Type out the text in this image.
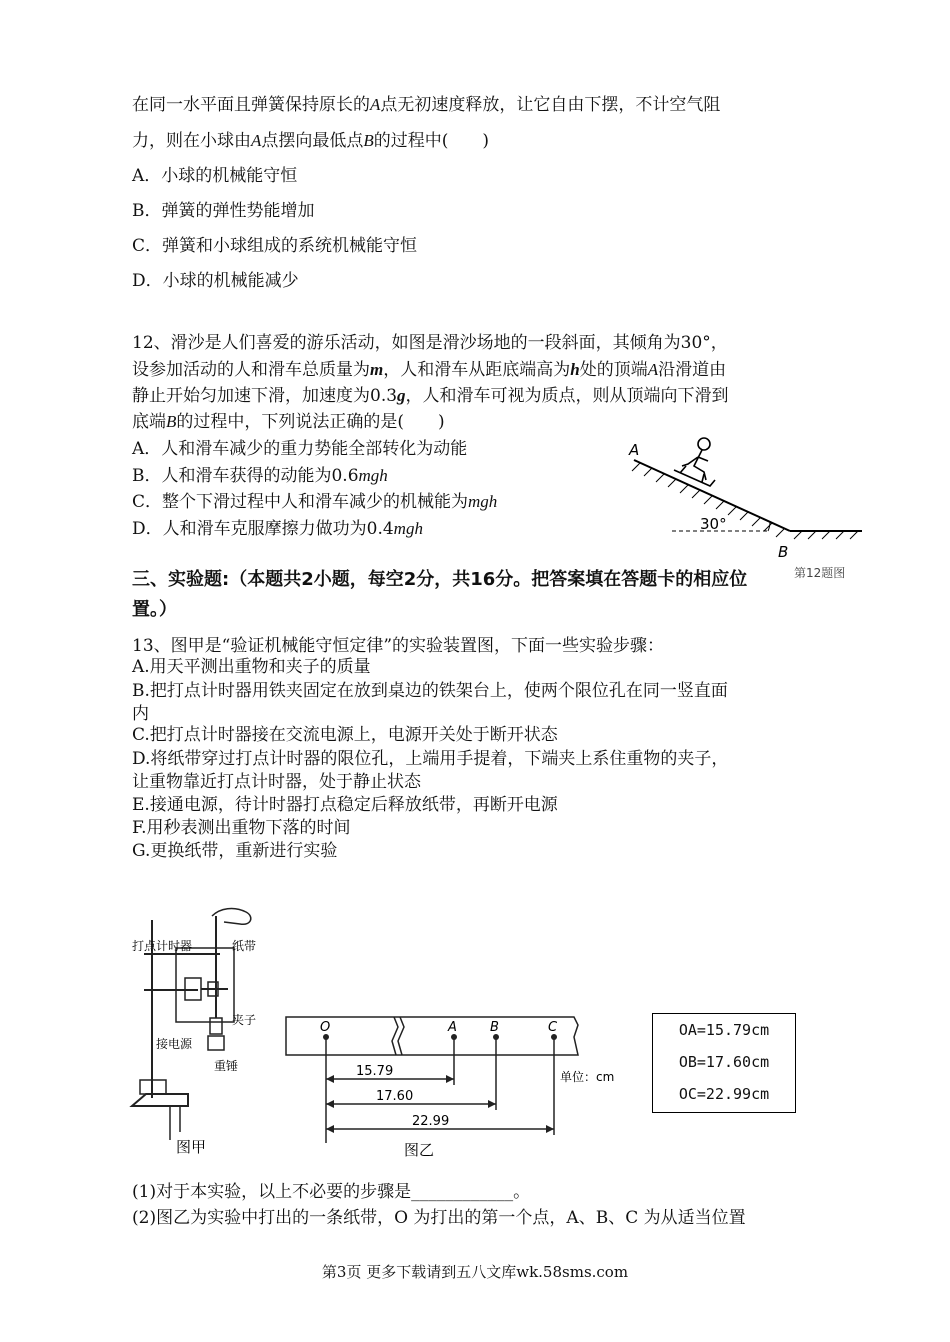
在同一水平面且弹簧保持原长的A点无初速度释放，让它自由下摆，不计空气阻
力，则在小球由A点摆向最低点B的过程中(　　)
A．小球的机械能守恒
B．弹簧的弹性势能增加
C．弹簧和小球组成的系统机械能守恒
D．小球的机械能减少
12、滑沙是人们喜爱的游乐活动，如图是滑沙场地的一段斜面，其倾角为30°，
设参加活动的人和滑车总质量为m，人和滑车从距底端高为h处的顶端A沿滑道由
静止开始匀加速下滑，加速度为0.3g，人和滑车可视为质点，则从顶端向下滑到
底端B的过程中，下列说法正确的是(　　)
A．人和滑车减少的重力势能全部转化为动能
B．人和滑车获得的动能为0.6mgh
C．整个下滑过程中人和滑车减少的机械能为mgh
D．人和滑车克服摩擦力做功为0.4mgh
A
B
30°
第12题图
三、实验题:（本题共2小题，每空2分，共16分。把答案填在答题卡的相应位
置。）
13、图甲是“验证机械能守恒定律”的实验装置图，下面一些实验步骤：
A.用天平测出重物和夹子的质量
B.把打点计时器用铁夹固定在放到桌边的铁架台上，使两个限位孔在同一竖直面
内
C.把打点计时器接在交流电源上，电源开关处于断开状态
D.将纸带穿过打点计时器的限位孔，上端用手提着，下端夹上系住重物的夹子，
让重物靠近打点计时器，处于静止状态
E.接通电源，待计时器打点稳定后释放纸带，再断开电源
F.用秒表测出重物下落的时间
G.更换纸带，重新进行实验
打点计时器	纸带
接电源
夹子
重锤
图甲
O	A	B	C
15.79
17.60
22.99
单位：cm
图乙
OA=15.79cm
OB=17.60cm
OC=22.99cm
(1)对于本实验，以上不必要的步骤是____________。
(2)图乙为实验中打出的一条纸带，O 为打出的第一个点，A、B、C 为从适当位置
第3页 更多下载请到五八文库wk.58sms.com
